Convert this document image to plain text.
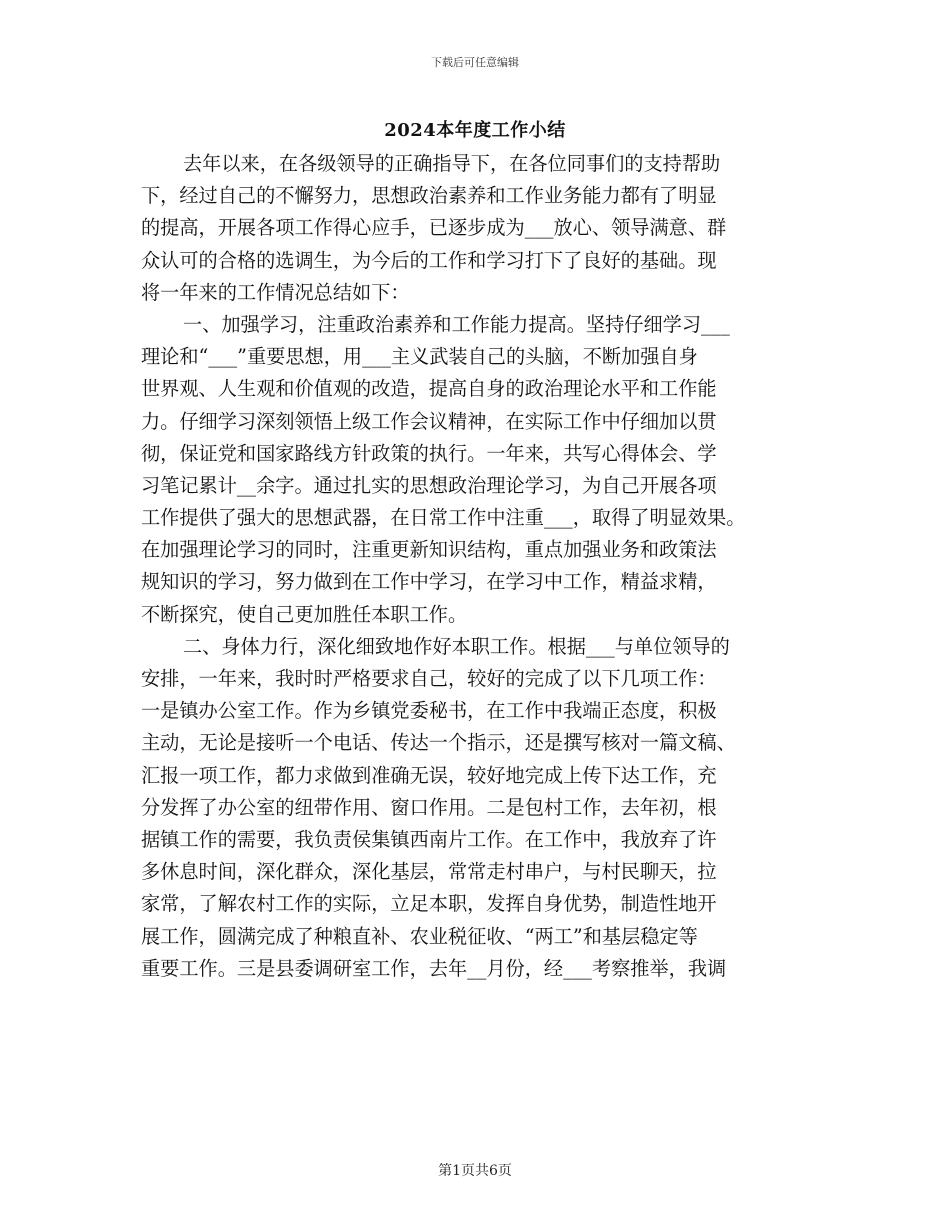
下载后可任意编辑
2024本年度工作小结
去年以来，在各级领导的正确指导下，在各位同事们的支持帮助
下，经过自己的不懈努力，思想政治素养和工作业务能力都有了明显
的提高，开展各项工作得心应手，已逐步成为___放心、领导满意、群
众认可的合格的选调生，为今后的工作和学习打下了良好的基础。现
将一年来的工作情况总结如下：
一、加强学习，注重政治素养和工作能力提高。坚持仔细学习___
理论和“___”重要思想，用___主义武装自己的头脑，不断加强自身
世界观、人生观和价值观的改造，提高自身的政治理论水平和工作能
力。仔细学习深刻领悟上级工作会议精神，在实际工作中仔细加以贯
彻，保证党和国家路线方针政策的执行。一年来，共写心得体会、学
习笔记累计__余字。通过扎实的思想政治理论学习，为自己开展各项
工作提供了强大的思想武器，在日常工作中注重___，取得了明显效果。
在加强理论学习的同时，注重更新知识结构，重点加强业务和政策法
规知识的学习，努力做到在工作中学习，在学习中工作，精益求精，
不断探究，使自己更加胜任本职工作。
二、身体力行，深化细致地作好本职工作。根据___与单位领导的
安排，一年来，我时时严格要求自己，较好的完成了以下几项工作：
一是镇办公室工作。作为乡镇党委秘书，在工作中我端正态度，积极
主动，无论是接听一个电话、传达一个指示，还是撰写核对一篇文稿、
汇报一项工作，都力求做到准确无误，较好地完成上传下达工作，充
分发挥了办公室的纽带作用、窗口作用。二是包村工作，去年初，根
据镇工作的需要，我负责侯集镇西南片工作。在工作中，我放弃了许
多休息时间，深化群众，深化基层，常常走村串户，与村民聊天，拉
家常，了解农村工作的实际，立足本职，发挥自身优势，制造性地开
展工作，圆满完成了种粮直补、农业税征收、“两工”和基层稳定等
重要工作。三是县委调研室工作，去年__月份，经___考察推举，我调
第1页共6页
